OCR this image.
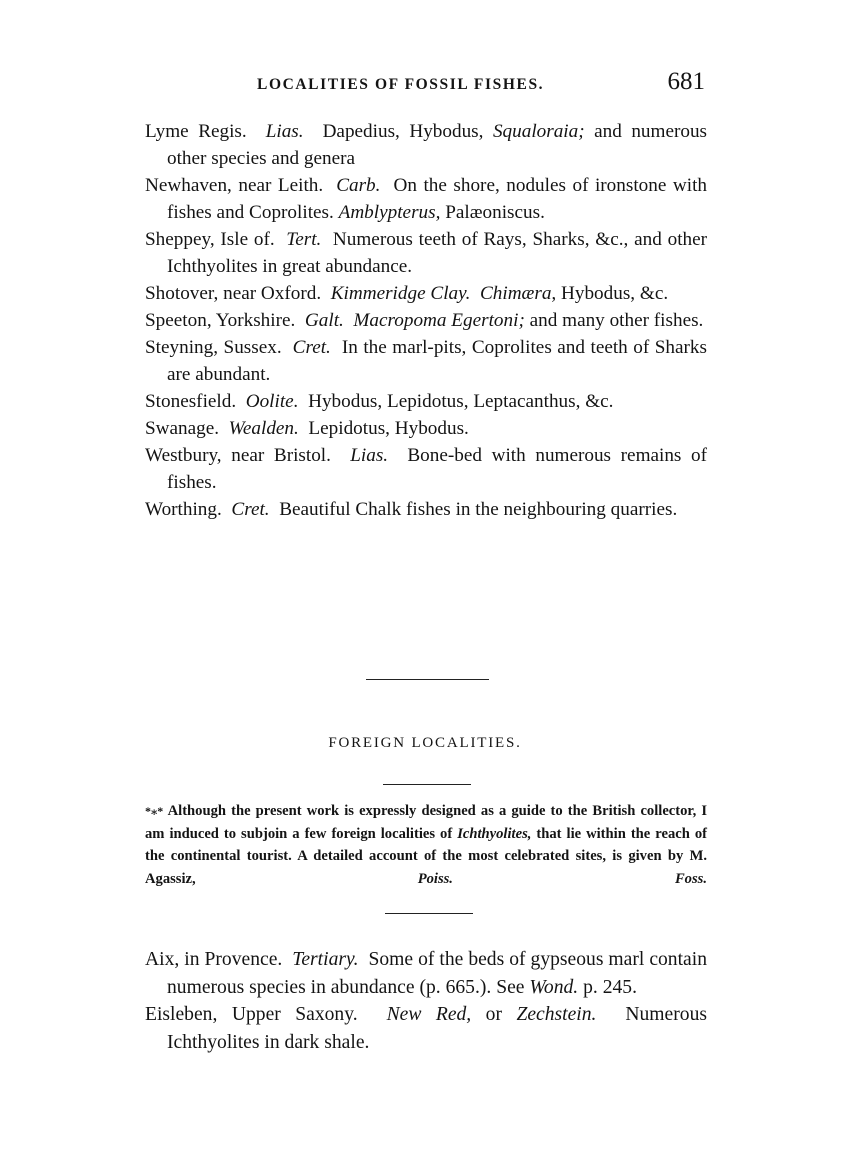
LOCALITIES OF FOSSIL FISHES.	681

Lyme Regis. Lias. Dapedius, Hybodus, Squaloraia; and numerous other species and genera

Newhaven, near Leith. Carb. On the shore, nodules of ironstone with fishes and Coprolites. Amblypterus, Palæoniscus.

Sheppey, Isle of. Tert. Numerous teeth of Rays, Sharks, &c., and other Ichthyolites in great abundance.

Shotover, near Oxford. Kimmeridge Clay. Chimæra, Hybodus, &c.

Speeton, Yorkshire. Galt. Macropoma Egertoni; and many other fishes.

Steyning, Sussex. Cret. In the marl-pits, Coprolites and teeth of Sharks are abundant.

Stonesfield. Oolite. Hybodus, Lepidotus, Leptacanthus, &c.

Swanage. Wealden. Lepidotus, Hybodus.

Westbury, near Bristol. Lias. Bone-bed with numerous remains of fishes.

Worthing. Cret. Beautiful Chalk fishes in the neighbouring quarries.

FOREIGN LOCALITIES.
*⁎* Although the present work is expressly designed as a guide to the British collector, I am induced to subjoin a few foreign localities of Ichthyolites, that lie within the reach of the continental tourist. A detailed account of the most celebrated sites, is given by M. Agassiz,	Poiss. Foss.

Aix, in Provence. Tertiary. Some of the beds of gypseous marl contain numerous species in abundance (p. 665.). See Wond. p. 245.

Eisleben, Upper Saxony. New Red, or Zechstein. Numerous Ichthyolites in dark shale.
